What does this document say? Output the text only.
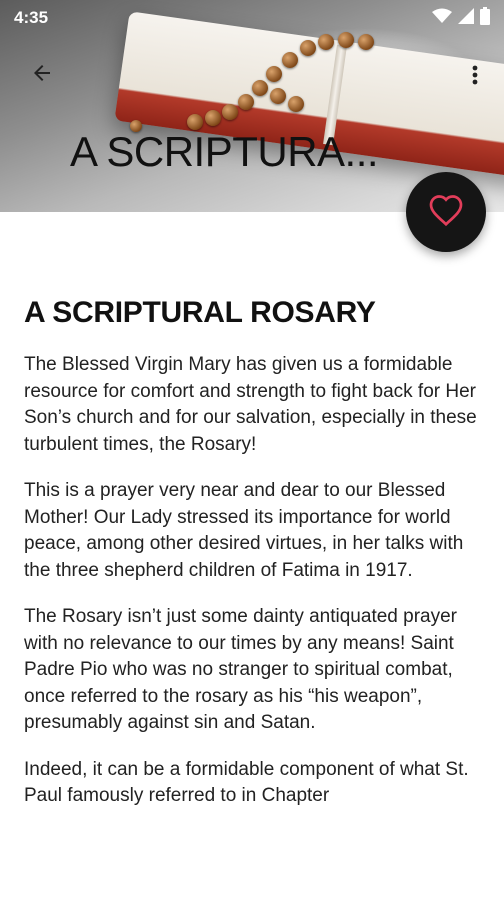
4:35
A SCRIPTURA...
A SCRIPTURAL ROSARY

The Blessed Virgin Mary has given us a formidable resource for comfort and strength to fight back for Her Son’s church and for our salvation, especially in these turbulent times, the Rosary!

This is a prayer very near and dear to our Blessed Mother! Our Lady stressed its importance for world peace, among other desired virtues, in her talks with the three shepherd children of Fatima in 1917.

The Rosary isn’t just some dainty antiquated prayer with no relevance to our times by any means! Saint Padre Pio who was no stranger to spiritual combat, once referred to the rosary as his “his weapon”, presumably against sin and Satan.

Indeed, it can be a formidable component of what St. Paul famously referred to in Chapter
